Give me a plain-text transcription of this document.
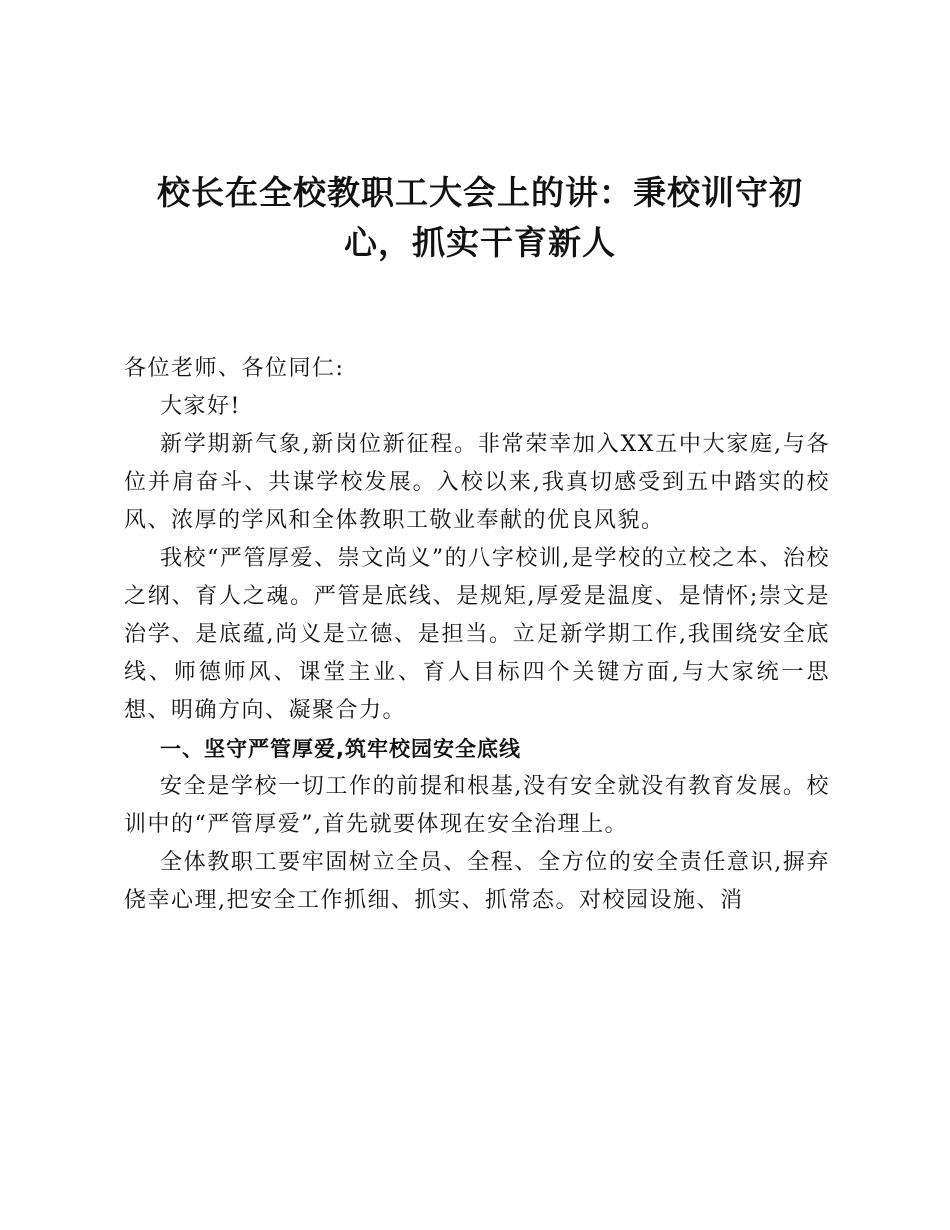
校长在全校教职工大会上的讲：秉校训守初心，抓实干育新人

各位老师、各位同仁:

大家好!

新学期新气象,新岗位新征程。非常荣幸加入XX五中大家庭,与各位并肩奋斗、共谋学校发展。入校以来,我真切感受到五中踏实的校风、浓厚的学风和全体教职工敬业奉献的优良风貌。

我校“严管厚爱、崇文尚义”的八字校训,是学校的立校之本、治校之纲、育人之魂。严管是底线、是规矩,厚爱是温度、是情怀;崇文是治学、是底蕴,尚义是立德、是担当。立足新学期工作,我围绕安全底线、师德师风、课堂主业、育人目标四个关键方面,与大家统一思想、明确方向、凝聚合力。

一、坚守严管厚爱,筑牢校园安全底线

安全是学校一切工作的前提和根基,没有安全就没有教育发展。校训中的“严管厚爱”,首先就要体现在安全治理上。

全体教职工要牢固树立全员、全程、全方位的安全责任意识,摒弃侥幸心理,把安全工作抓细、抓实、抓常态。对校园设施、消
